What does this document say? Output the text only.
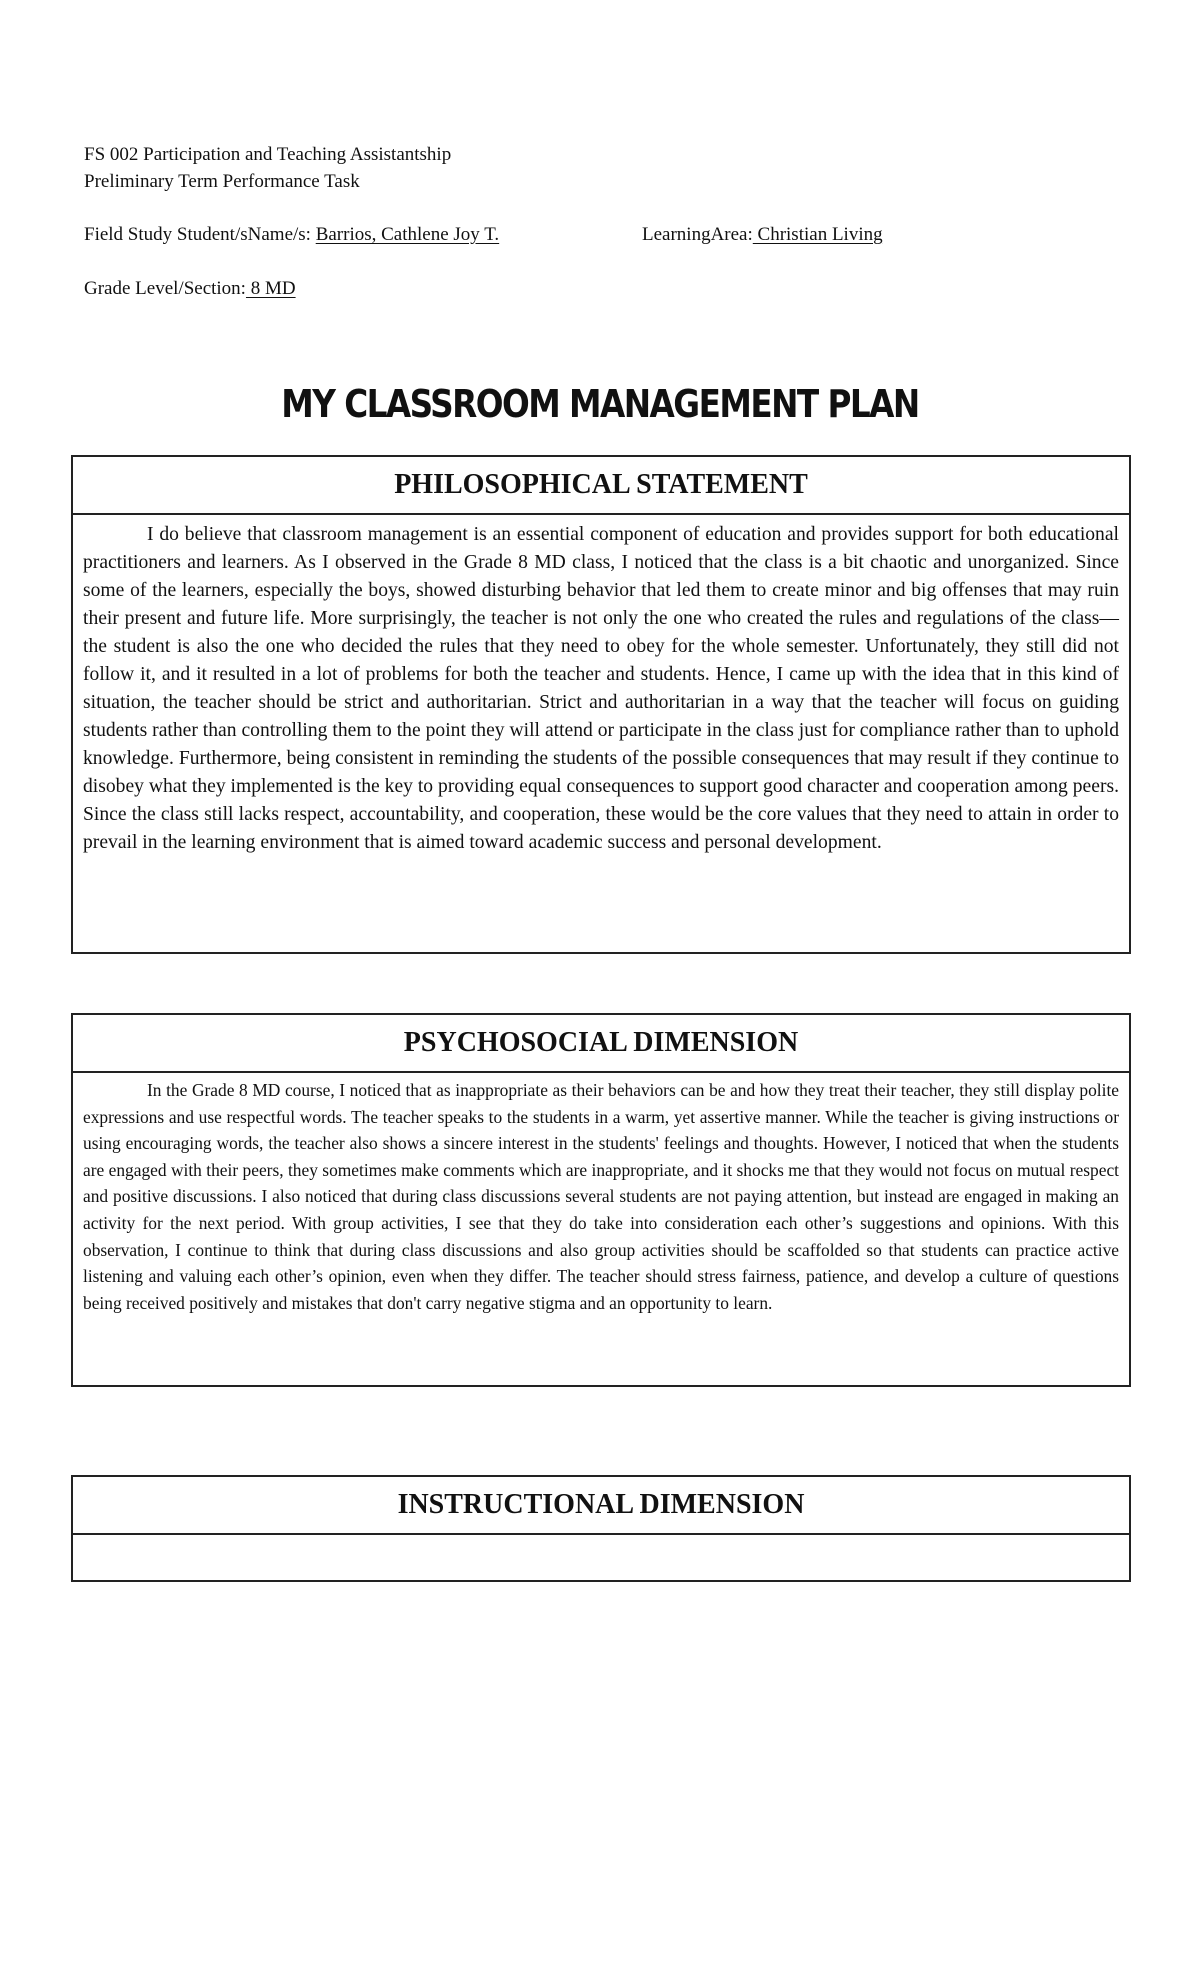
FS 002 Participation and Teaching Assistantship
Preliminary Term Performance Task
Field Study Student/sName/s: Barrios, Cathlene Joy T.	LearningArea: Christian Living
Grade Level/Section: 8 MD
MY CLASSROOM MANAGEMENT PLAN
PHILOSOPHICAL STATEMENT

I do believe that classroom management is an essential component of education and provides support for both educational practitioners and learners. As I observed in the Grade 8 MD class, I noticed that the class is a bit chaotic and unorganized. Since some of the learners, especially the boys, showed disturbing behavior that led them to create minor and big offenses that may ruin their present and future life. More surprisingly, the teacher is not only the one who created the rules and regulations of the class—the student is also the one who decided the rules that they need to obey for the whole semester. Unfortunately, they still did not follow it, and it resulted in a lot of problems for both the teacher and students. Hence, I came up with the idea that in this kind of situation, the teacher should be strict and authoritarian. Strict and authoritarian in a way that the teacher will focus on guiding students rather than controlling them to the point they will attend or participate in the class just for compliance rather than to uphold knowledge. Furthermore, being consistent in reminding the students of the possible consequences that may result if they continue to disobey what they implemented is the key to providing equal consequences to support good character and cooperation among peers. Since the class still lacks respect, accountability, and cooperation, these would be the core values that they need to attain in order to prevail in the learning environment that is aimed toward academic success and personal development.

PSYCHOSOCIAL DIMENSION

In the Grade 8 MD course, I noticed that as inappropriate as their behaviors can be and how they treat their teacher, they still display polite expressions and use respectful words. The teacher speaks to the students in a warm, yet assertive manner. While the teacher is giving instructions or using encouraging words, the teacher also shows a sincere interest in the students' feelings and thoughts. However, I noticed that when the students are engaged with their peers, they sometimes make comments which are inappropriate, and it shocks me that they would not focus on mutual respect and positive discussions. I also noticed that during class discussions several students are not paying attention, but instead are engaged in making an activity for the next period. With group activities, I see that they do take into consideration each other’s suggestions and opinions. With this observation, I continue to think that during class discussions and also group activities should be scaffolded so that students can practice active listening and valuing each other’s opinion, even when they differ. The teacher should stress fairness, patience, and develop a culture of questions being received positively and mistakes that don't carry negative stigma and an opportunity to learn.

INSTRUCTIONAL DIMENSION
